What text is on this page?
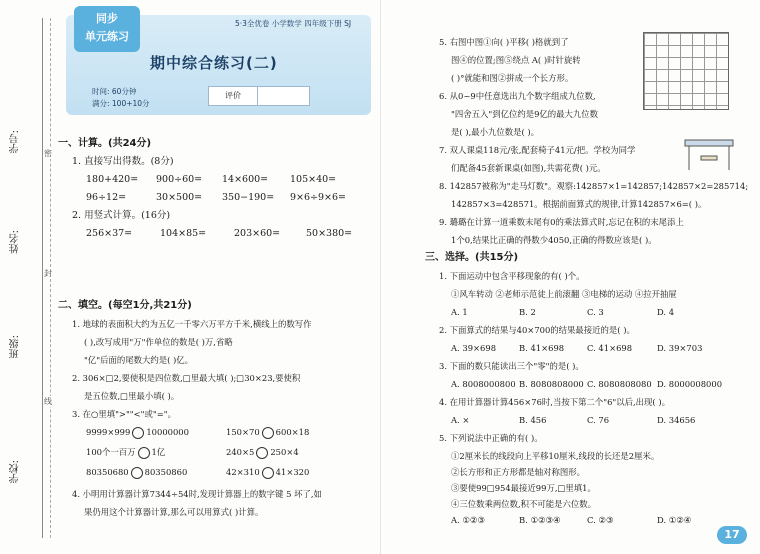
学号:
姓名:
班级:
学校:
密
封
线
同步
单元练习
5·3全优卷 小学数学 四年级下册 SJ
期中综合练习(二)
时间: 60分钟
满分: 100+10分
评价
一、计算。(共24分)
1. 直接写出得数。(8分)
180+420= 900÷60= 14×600= 105×40=
96÷12=	30×500= 350−190= 9×6÷9×6=
2. 用竖式计算。(16分)
256×37=	104×85=	203×60=	50×380=
二、填空。(每空1分,共21分)
1. 地球的表面积大约为五亿一千零六万平方千米,横线上的数写作
( ),改写成用"万"作单位的数是( )万,省略
"亿"后面的尾数大约是( )亿。
2. 306×□2,要使积是四位数,□里最大填( );□30×23,要使积
是五位数,□里最小填( )。
3. 在○里填">""<"或"="。
9999×999 10000000	150×70 600×18
100个一百万 1亿	240×5 250×4
80350680 80350860	42×310 41×320
4. 小明用计算器计算7344÷54时,发现计算器上的数字键 5 坏了,如
果仍用这个计算器计算,那么可以用算式( )计算。
5. 右图中图①向( )平移( )格就到了
图④的位置;图⑤绕点 A( )时针旋转
( )°就能和图②拼成一个长方形。
6. 从0~9中任意选出九个数字组成九位数,
"四舍五入"到亿位约是9亿的最大九位数
是( ),最小九位数是( )。
7. 双人课桌118元/张,配套椅子41元/把。学校为同学
们配备45套新课桌(如图),共需花费( )元。
8. 142857被称为"走马灯数"。观察:142857×1=142857;142857×2=285714;
142857×3=428571。根据前面算式的规律,计算142857×6=( )。
9. 璐璐在计算一道乘数末尾有0的乘法算式时,忘记在积的末尾添上
1个0,结果比正确的得数少4050,正确的得数应该是( )。
三、选择。(共15分)
1. 下面运动中包含平移现象的有( )个。
①风车转动 ②老师示范徒上前滚翻 ③电梯的运动 ④拉开抽屉
A. 1	B. 2	C. 3	D. 4
2. 下面算式的结果与40×700的结果最接近的是( )。
A. 39×698	B. 41×698	C. 41×698	D. 39×703
3. 下面的数只能读出三个"零"的是( )。
A. 8008000800 B. 8080808000 C. 8080808080 D. 8000008000
4. 在用计算器计算456×76时,当按下第二个"6"以后,出现( )。
A. ×	B. 456	C. 76	D. 34656
5. 下列说法中正确的有( )。
①2厘米长的线段向上平移10厘米,线段的长还是2厘米。
②长方形和正方形都是轴对称图形。
③要使99□954最接近99万,□里填1。
④三位数乘两位数,积不可能是六位数。
A. ①②③	B. ①②③④	C. ②③	D. ①②④
17
